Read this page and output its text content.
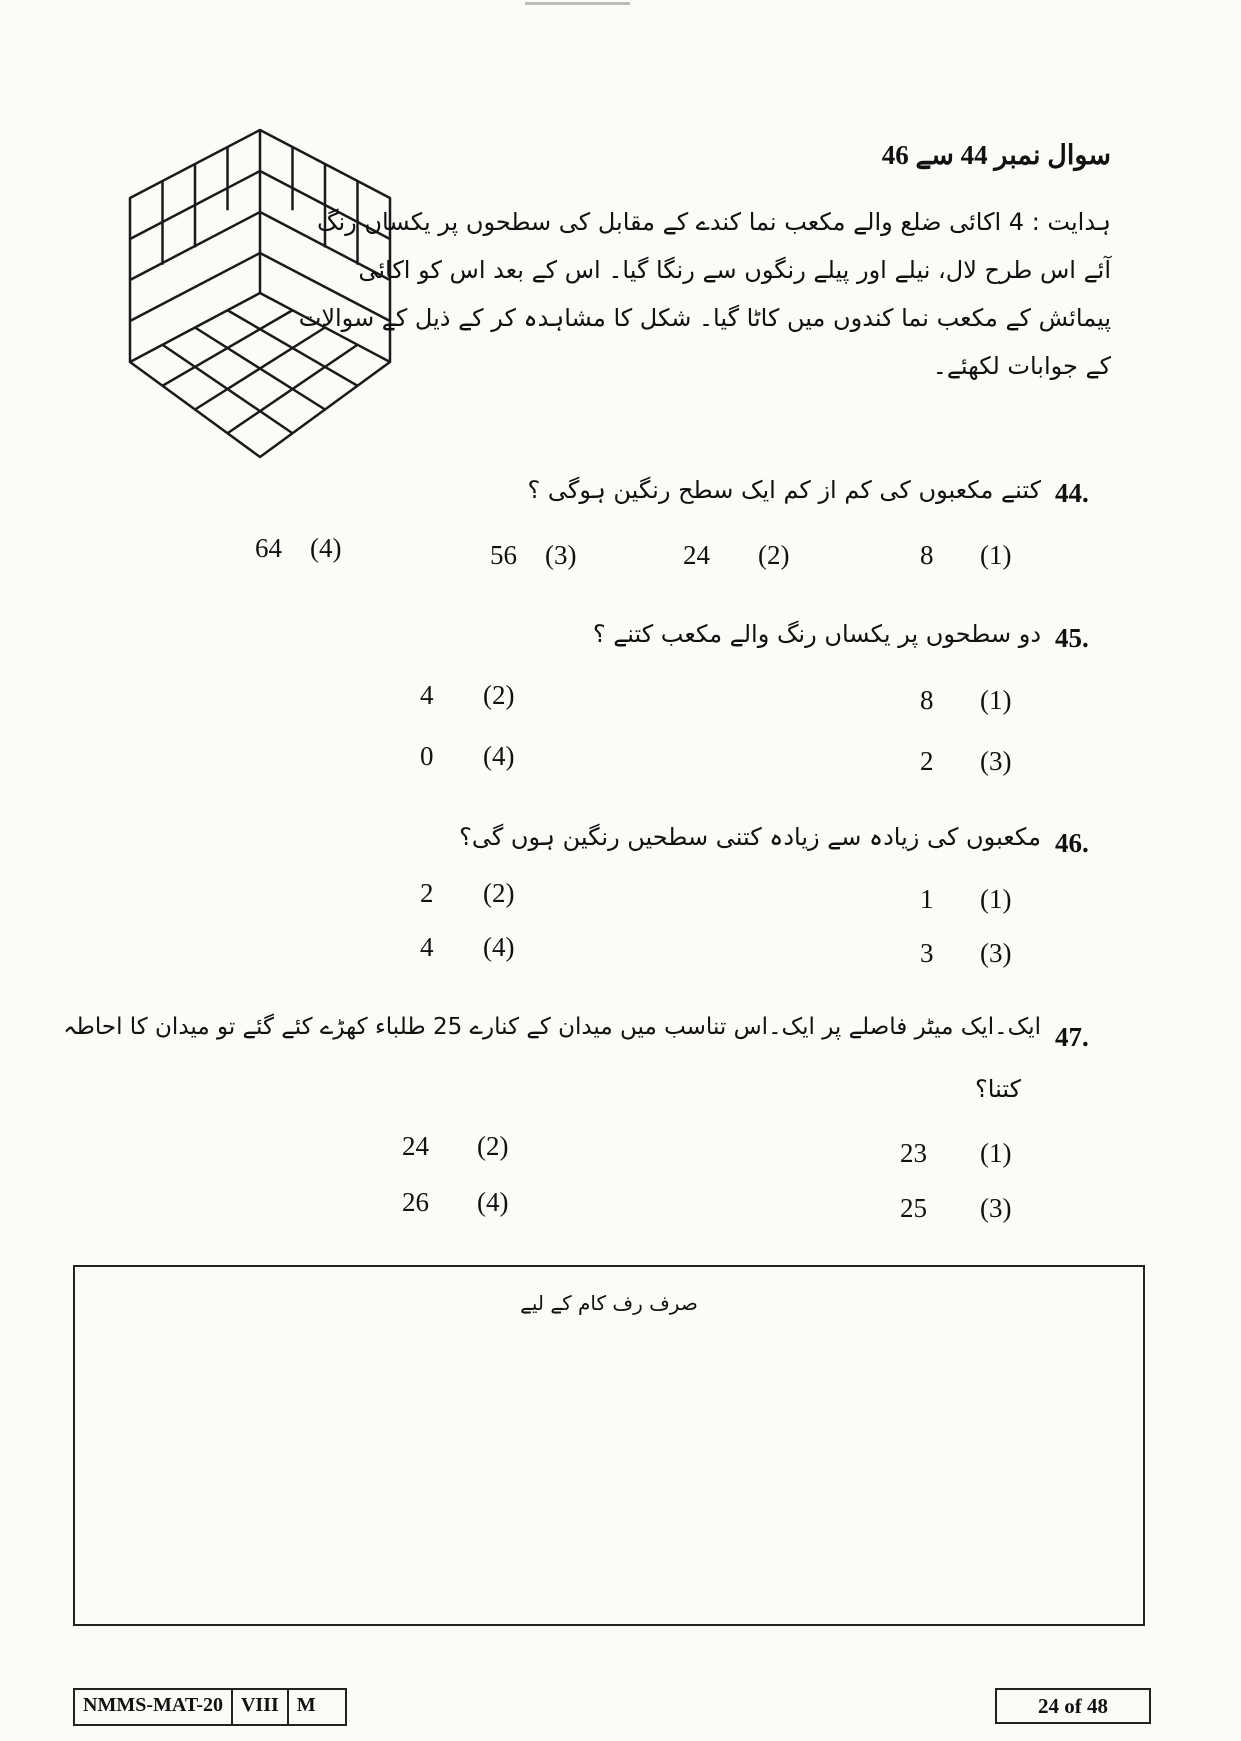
سوال نمبر 44 سے 46

ہدایت : 4 اکائی ضلع والے مکعب نما کندے کے مقابل کی سطحوں پر یکساں رنگ

آئے اس طرح لال، نیلے اور پیلے رنگوں سے رنگا گیا۔ اس کے بعد اس کو اکائی

پیمائش کے مکعب نما کندوں میں کاٹا گیا۔ شکل کا مشاہدہ کر کے ذیل کے سوالات

کے جوابات لکھئے۔

44.
کتنے مکعبوں کی کم از کم ایک سطح رنگین ہوگی ؟
(1)
8
(2)
24
(3)
56
(4)
64
45.
دو سطحوں پر یکساں رنگ والے مکعب کتنے ؟
(1)
8
(2)
4
(3)
2
(4)
0
46.
مکعبوں کی زیادہ سے زیادہ کتنی سطحیں رنگین ہوں گی؟
(1)
1
(2)
2
(3)
3
(4)
4
47.
ایک۔ایک میٹر فاصلے پر ایک۔اس تناسب میں میدان کے کنارے 25 طلباء کھڑے کئے گئے تو میدان کا احاطہ
کتنا؟
(1)
23
(2)
24
(3)
25
(4)
26
صرف رف کام کے لیے
NMMS-MAT-20 VIII M	24 of 48
